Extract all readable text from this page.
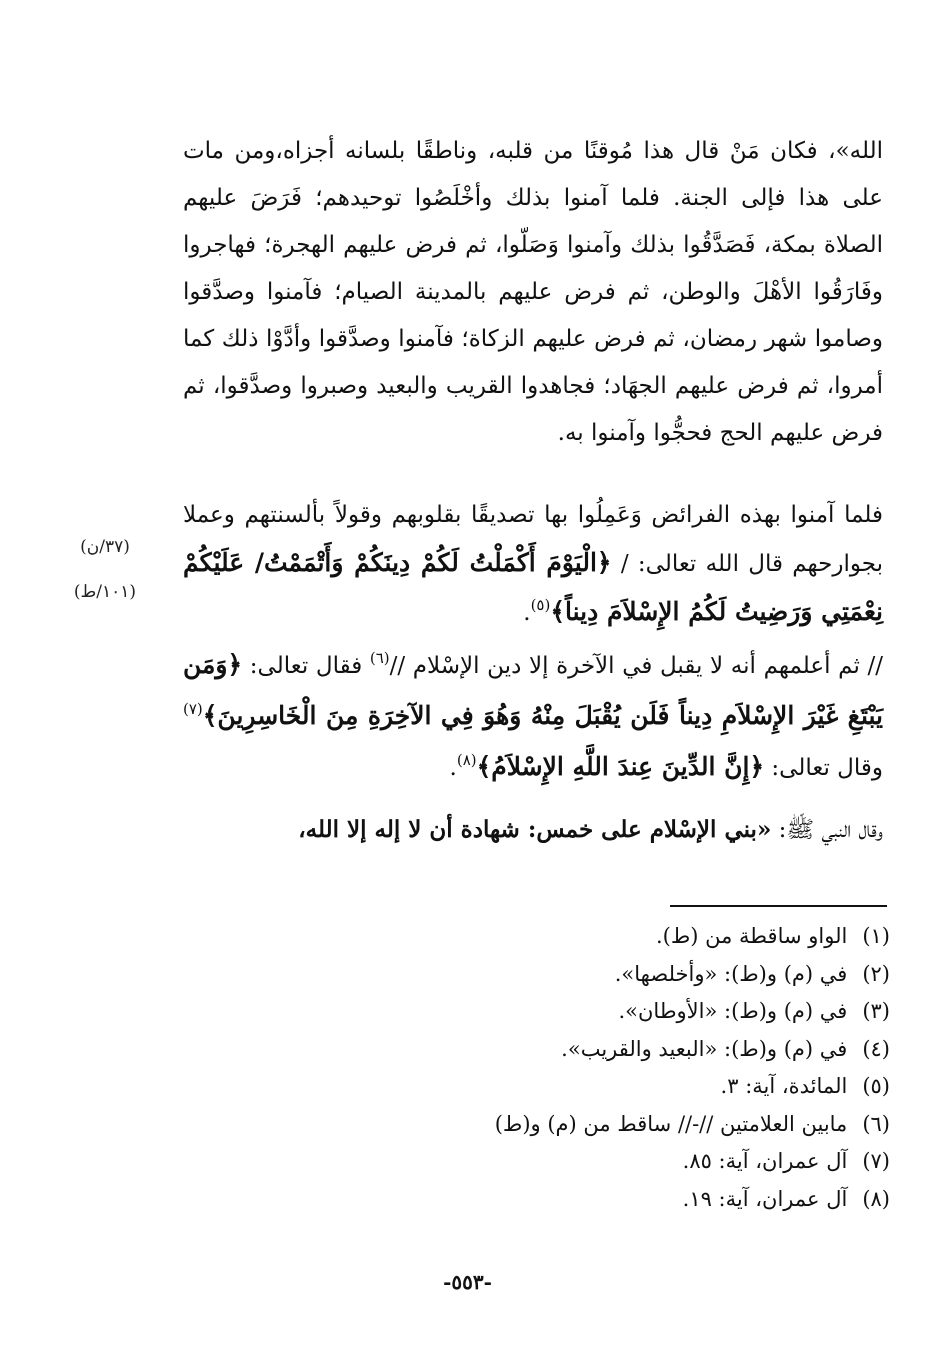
الله»، فكان مَنْ قال هذا مُوقنًا من قلبه، وناطقًا بلسانه أجزاه،ومن مات على هذا فإلى الجنة. فلما آمنوا بذلك وأخْلَصُوا توحيدهم؛ فَرَضَ عليهم الصلاة بمكة، فَصَدَّقُوا بذلك وآمنوا وَصَلّوا، ثم فرض عليهم الهجرة؛ فهاجروا وفَارَقُوا الأهْلَ والوطن، ثم فرض عليهم بالمدينة الصيام؛ فآمنوا وصدَّقوا وصاموا شهر رمضان، ثم فرض عليهم الزكاة؛ فآمنوا وصدَّقوا وأدَّوْا ذلك كما أمروا، ثم فرض عليهم الجهَاد؛ فجاهدوا القريب والبعيد وصبروا وصدَّقوا، ثم فرض عليهم الحج فحجُّوا وآمنوا به.

فلما آمنوا بهذه الفرائض وَعَمِلُوا بها تصديقًا بقلوبهم وقولاً بألسنتهم وعملا بجوارحهم قال الله تعالى: / ﴿الْيَوْمَ أَكْمَلْتُ لَكُمْ دِينَكُمْ وَأَتْمَمْتُ/ عَلَيْكُمْ نِعْمَتِي وَرَضِيتُ لَكُمُ الإِسْلاَمَ دِيناً﴾$^{(٥)}$.

(٣٧/ن)
(١٠١/ط)

// ثم أعلمهم أنه لا يقبل في الآخرة إلا دين الإسْلام //$^{(٦)}$ فقال تعالى: ﴿وَمَن يَبْتَغِ غَيْرَ الإِسْلاَمِ دِيناً فَلَن يُقْبَلَ مِنْهُ وَهُوَ فِي الآخِرَةِ مِنَ الْخَاسِرِينَ﴾$^{(٧)}$ وقال تعالى: ﴿إِنَّ الدِّينَ عِندَ اللَّهِ الإِسْلاَمُ﴾$^{(٨)}$.

وقال النبي ﷺ: «بني الإسْلام على خمس: شهادة أن لا إله إلا الله،

(١) الواو ساقطة من (ط).
(٢) في (م) و(ط): «وأخلصها».
(٣) في (م) و(ط): «الأوطان».
(٤) في (م) و(ط): «البعيد والقريب».
(٥) المائدة، آية: ٣.
(٦) مابين العلامتين //-// ساقط من (م) و(ط)
(٧) آل عمران، آية: ٨٥.
(٨) آل عمران، آية: ١٩.
-٥٥٣-
